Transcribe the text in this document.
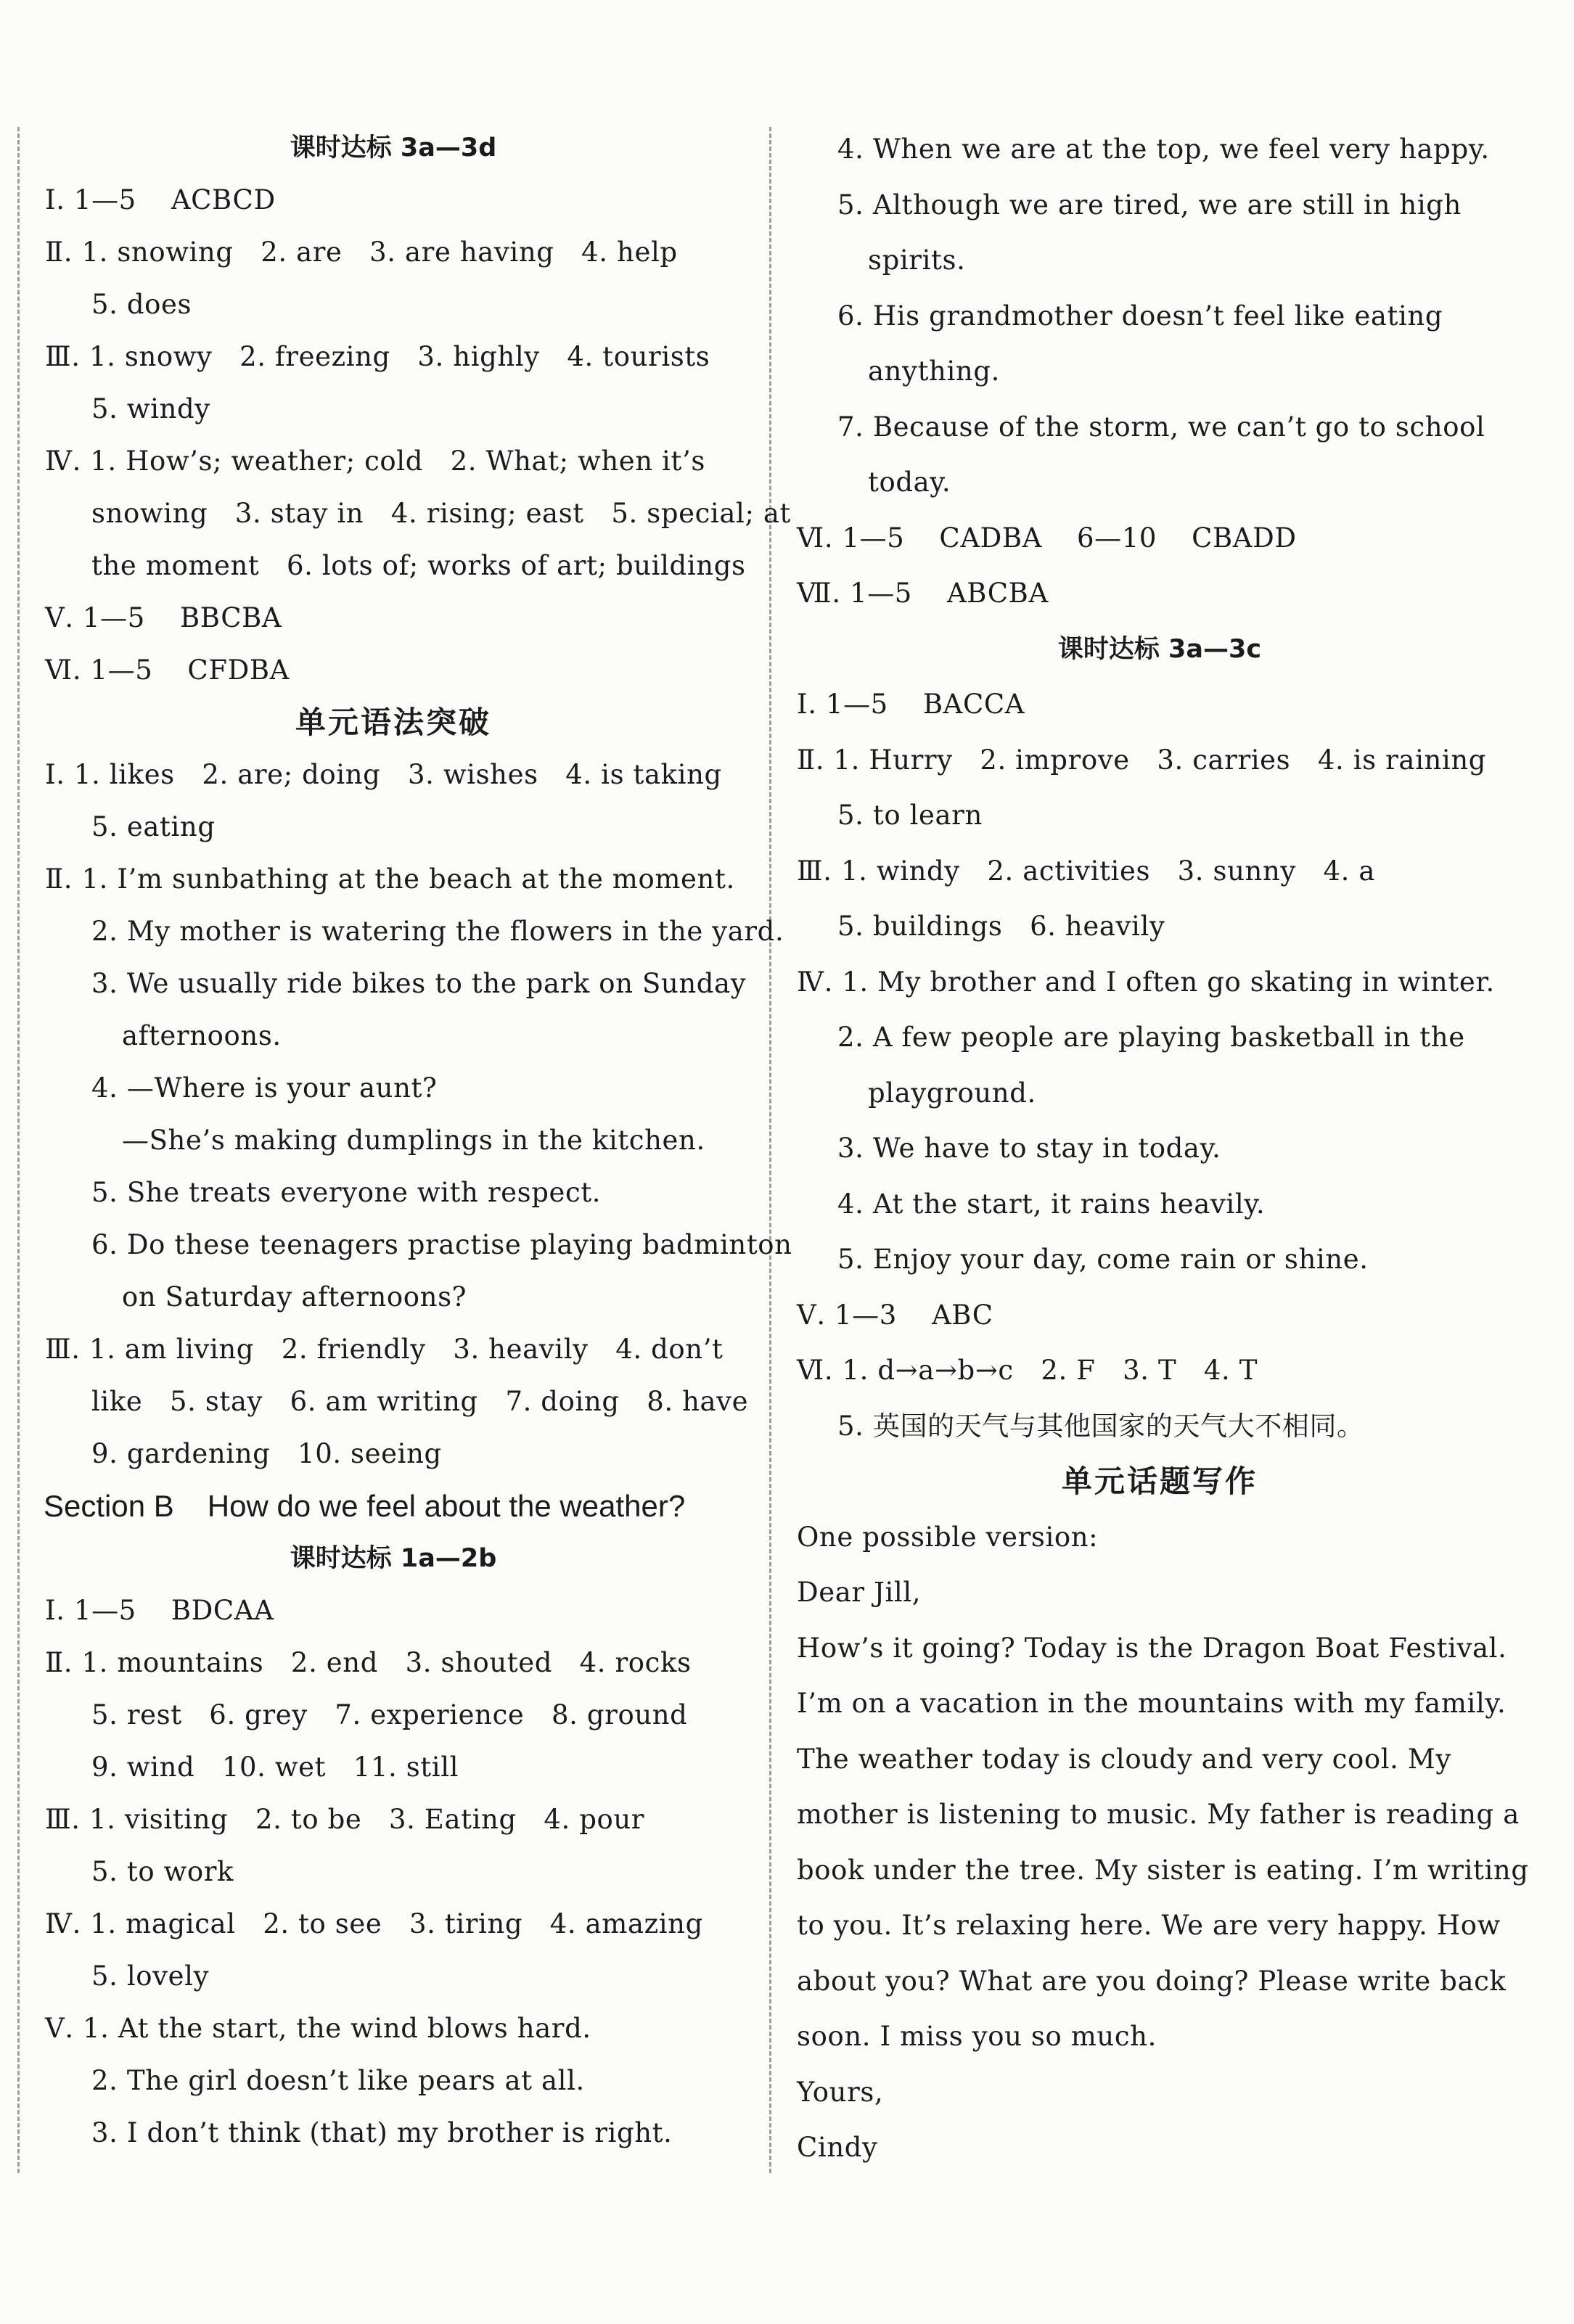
课时达标 3a—3d
Ⅰ. 1—5 ACBCD
Ⅱ. 1. snowing　2. are　3. are having　4. help
5. does
Ⅲ. 1. snowy　2. freezing　3. highly　4. tourists
5. windy
Ⅳ. 1. How’s; weather; cold　2. What; when it’s
snowing　3. stay in　4. rising; east　5. special; at
the moment　6. lots of; works of art; buildings
Ⅴ. 1—5 BBCBA
Ⅵ. 1—5 CFDBA
单元语法突破
Ⅰ. 1. likes　2. are; doing　3. wishes　4. is taking
5. eating
Ⅱ. 1. I’m sunbathing at the beach at the moment.
2. My mother is watering the flowers in the yard.
3. We usually ride bikes to the park on Sunday
afternoons.
4. —Where is your aunt?
—She’s making dumplings in the kitchen.
5. She treats everyone with respect.
6. Do these teenagers practise playing badminton
on Saturday afternoons?
Ⅲ. 1. am living　2. friendly　3. heavily　4. don’t
like　5. stay　6. am writing　7. doing　8. have
9. gardening　10. seeing
Section B How do we feel about the weather?
课时达标 1a—2b
Ⅰ. 1—5 BDCAA
Ⅱ. 1. mountains　2. end　3. shouted　4. rocks
5. rest　6. grey　7. experience　8. ground
9. wind　10. wet　11. still
Ⅲ. 1. visiting　2. to be　3. Eating　4. pour
5. to work
Ⅳ. 1. magical　2. to see　3. tiring　4. amazing
5. lovely
Ⅴ. 1. At the start, the wind blows hard.
2. The girl doesn’t like pears at all.
3. I don’t think (that) my brother is right.
4. When we are at the top, we feel very happy.
5. Although we are tired, we are still in high
spirits.
6. His grandmother doesn’t feel like eating
anything.
7. Because of the storm, we can’t go to school
today.
Ⅵ. 1—5 CADBA 6—10 CBADD
Ⅶ. 1—5 ABCBA
课时达标 3a—3c
Ⅰ. 1—5 BACCA
Ⅱ. 1. Hurry　2. improve　3. carries　4. is raining
5. to learn
Ⅲ. 1. windy　2. activities　3. sunny　4. a
5. buildings　6. heavily
Ⅳ. 1. My brother and I often go skating in winter.
2. A few people are playing basketball in the
playground.
3. We have to stay in today.
4. At the start, it rains heavily.
5. Enjoy your day, come rain or shine.
Ⅴ. 1—3 ABC
Ⅵ. 1. d→a→b→c　2. F　3. T　4. T
5. 英国的天气与其他国家的天气大不相同。
单元话题写作
One possible version:
Dear Jill,
How’s it going? Today is the Dragon Boat Festival.
I’m on a vacation in the mountains with my family.
The weather today is cloudy and very cool. My
mother is listening to music. My father is reading a
book under the tree. My sister is eating. I’m writing
to you. It’s relaxing here. We are very happy. How
about you? What are you doing? Please write back
soon. I miss you so much.
Yours,
Cindy
